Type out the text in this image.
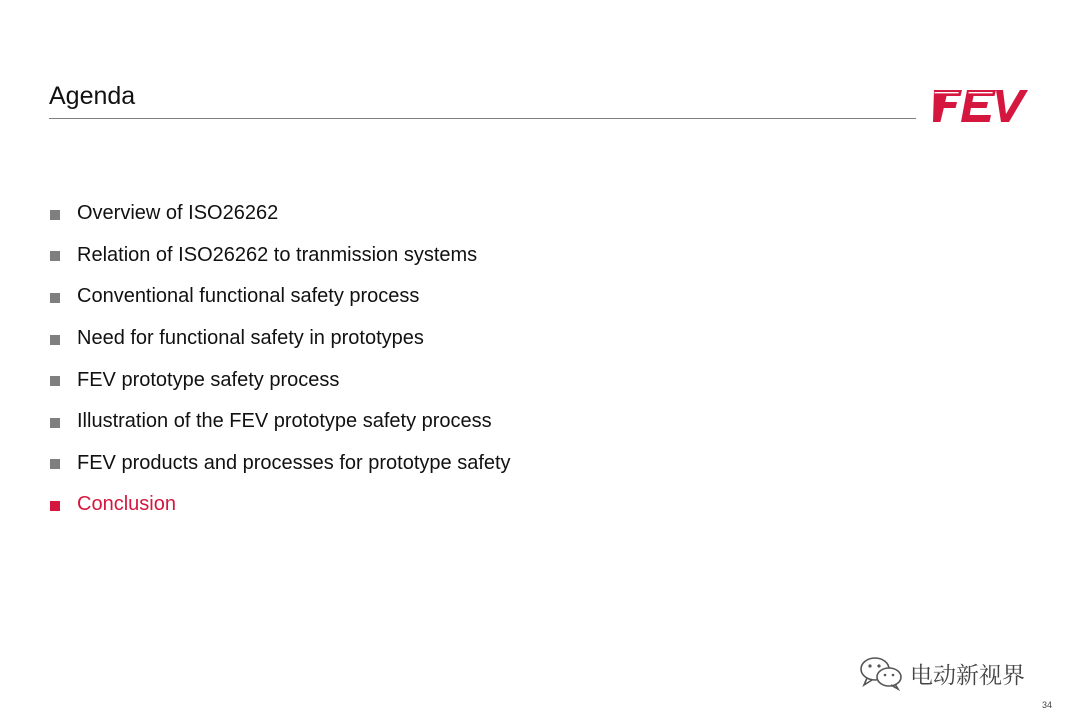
Agenda
Overview of ISO26262
Relation of ISO26262 to tranmission systems
Conventional functional safety process
Need for functional safety in prototypes
FEV prototype safety process
Illustration of the FEV prototype safety process
FEV products and processes for prototype safety
Conclusion
电动新视界
34
